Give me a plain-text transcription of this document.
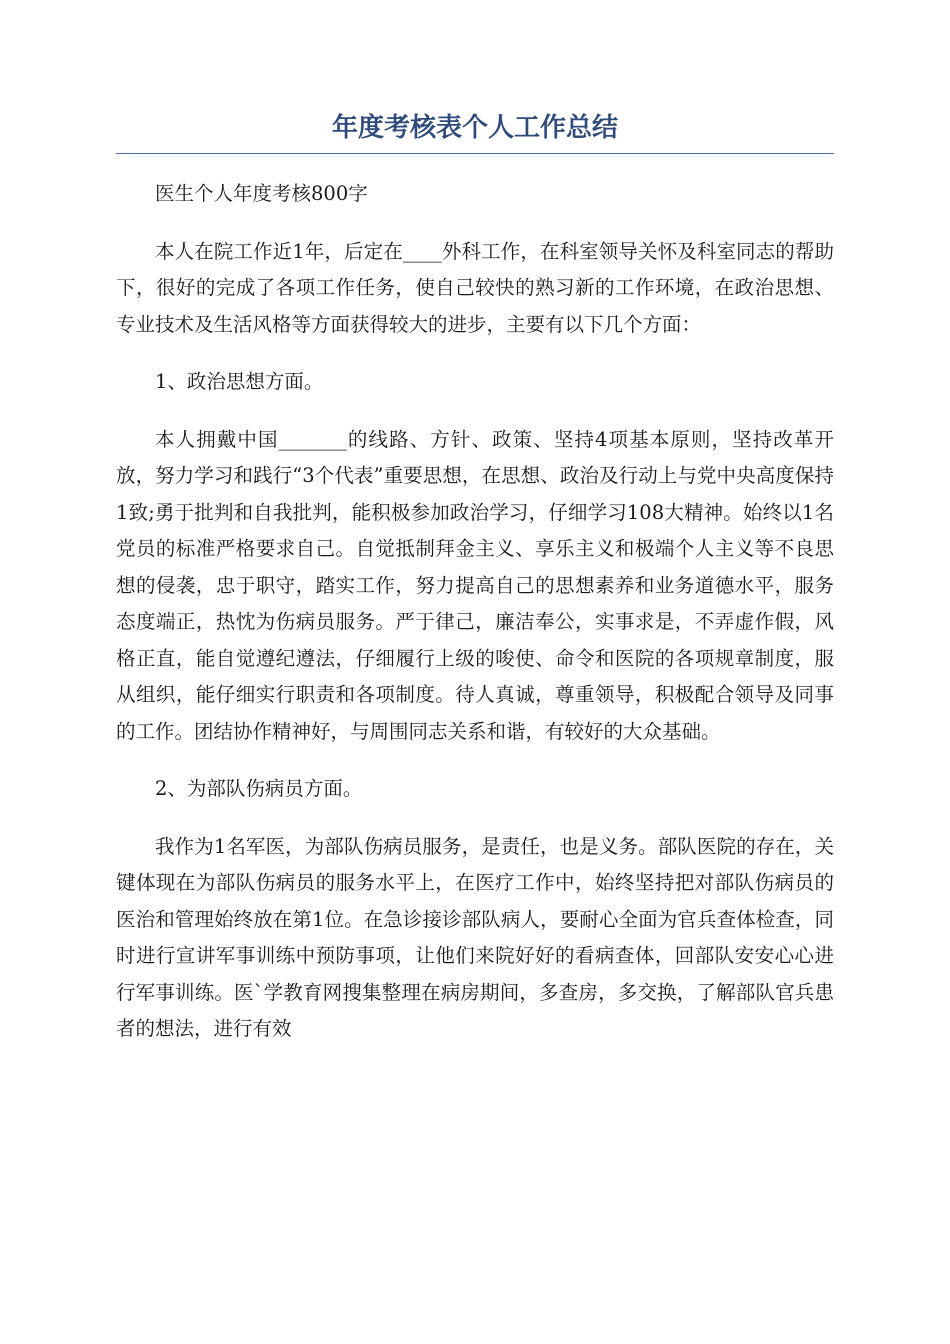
年度考核表个人工作总结

医生个人年度考核800字

本人在院工作近1年，后定在____外科工作，在科室领导关怀及科室同志的帮助下，很好的完成了各项工作任务，使自己较快的熟习新的工作环境，在政治思想、专业技术及生活风格等方面获得较大的进步，主要有以下几个方面：

1、政治思想方面。

本人拥戴中国_______的线路、方针、政策、坚持4项基本原则，坚持改革开放，努力学习和践行“3个代表”重要思想，在思想、政治及行动上与党中央高度保持1致;勇于批判和自我批判，能积极参加政治学习，仔细学习108大精神。始终以1名党员的标准严格要求自己。自觉抵制拜金主义、享乐主义和极端个人主义等不良思想的侵袭，忠于职守，踏实工作，努力提高自己的思想素养和业务道德水平，服务态度端正，热忱为伤病员服务。严于律己，廉洁奉公，实事求是，不弄虚作假，风格正直，能自觉遵纪遵法，仔细履行上级的唆使、命令和医院的各项规章制度，服从组织，能仔细实行职责和各项制度。待人真诚，尊重领导，积极配合领导及同事的工作。团结协作精神好，与周围同志关系和谐，有较好的大众基础。

2、为部队伤病员方面。

我作为1名军医，为部队伤病员服务，是责任，也是义务。部队医院的存在，关键体现在为部队伤病员的服务水平上，在医疗工作中，始终坚持把对部队伤病员的医治和管理始终放在第1位。在急诊接诊部队病人，要耐心全面为官兵查体检查，同时进行宣讲军事训练中预防事项，让他们来院好好的看病查体，回部队安安心心进行军事训练。医`学教育网搜集整理在病房期间，多查房，多交换，了解部队官兵患者的想法，进行有效
